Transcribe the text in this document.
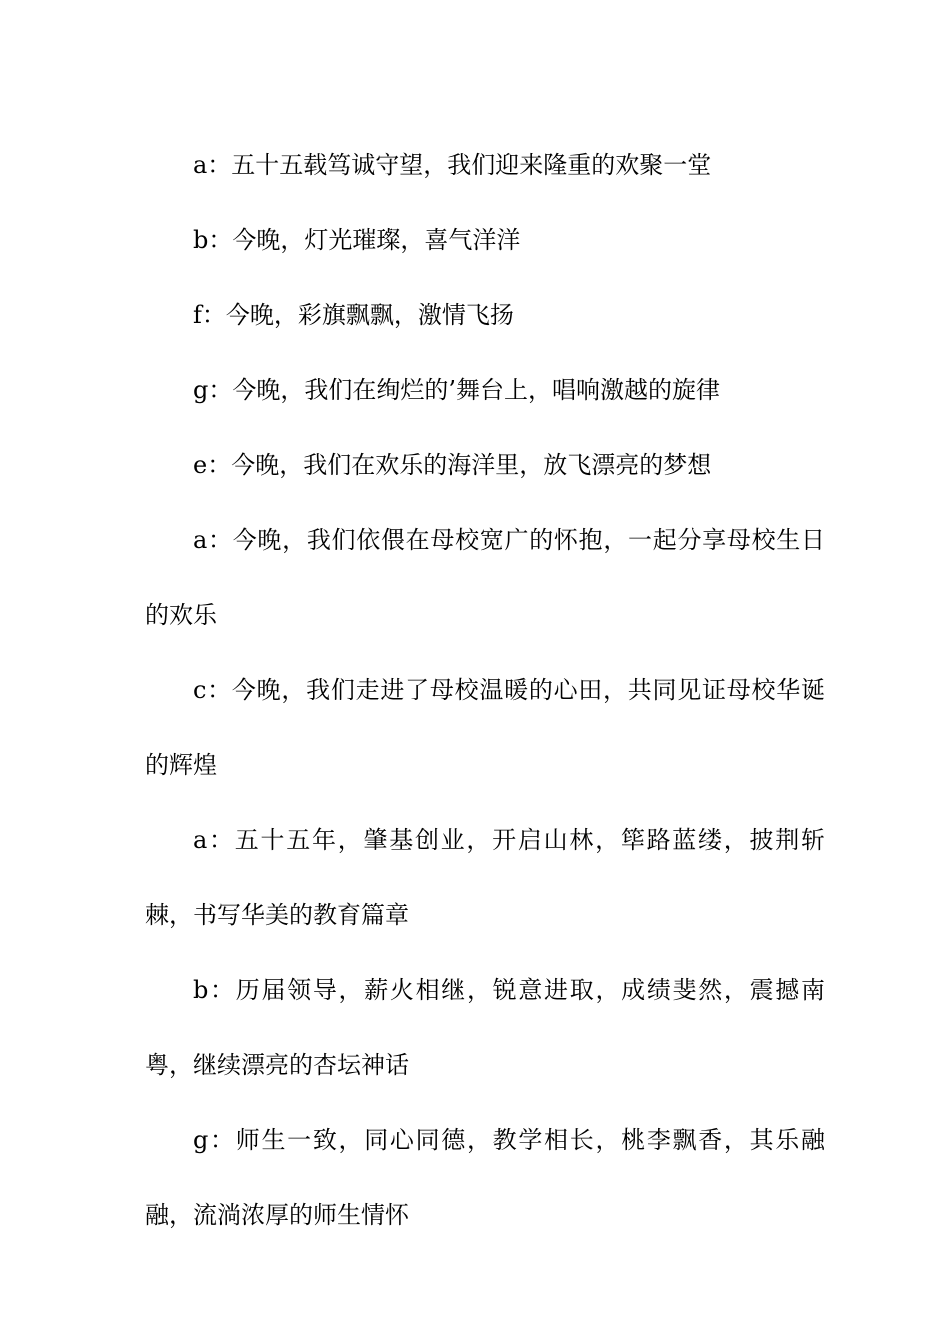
a：五十五载笃诚守望，我们迎来隆重的欢聚一堂

b：今晚，灯光璀璨，喜气洋洋

f：今晚，彩旗飘飘，激情飞扬

g：今晚，我们在绚烂的’舞台上，唱响激越的旋律

e：今晚，我们在欢乐的海洋里，放飞漂亮的梦想

a：今晚，我们依偎在母校宽广的怀抱，一起分享母校生日的欢乐

c：今晚，我们走进了母校温暖的心田，共同见证母校华诞的辉煌

a：五十五年，肇基创业，开启山林，筚路蓝缕，披荆斩棘，书写华美的教育篇章

b：历届领导，薪火相继，锐意进取，成绩斐然，震撼南粤，继续漂亮的杏坛神话

g：师生一致，同心同德，教学相长，桃李飘香，其乐融融，流淌浓厚的师生情怀
